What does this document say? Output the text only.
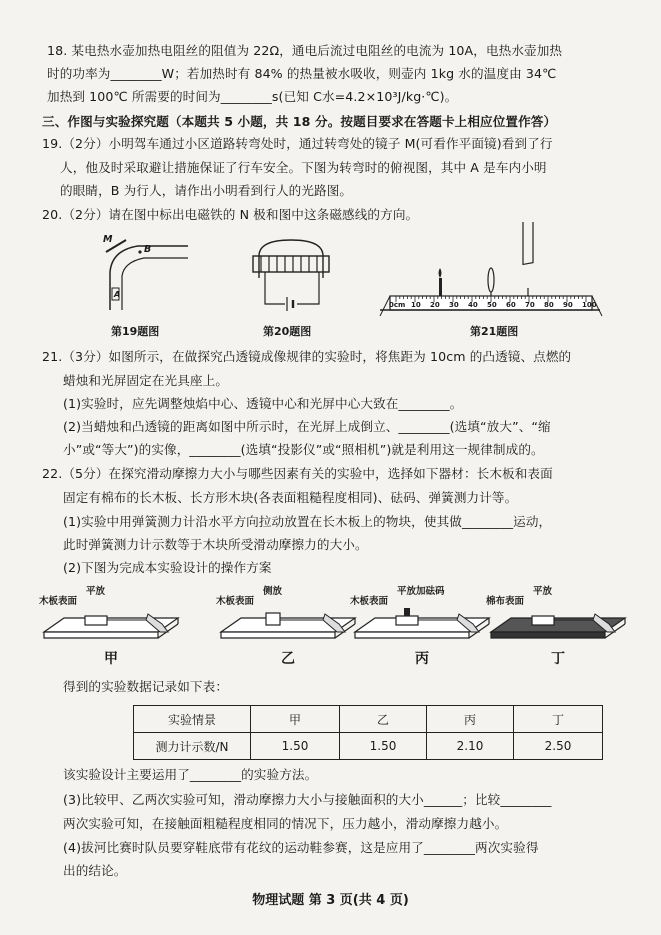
18. 某电热水壶加热电阻丝的阻值为 22Ω，通电后流过电阻丝的电流为 10A，电热水壶加热
时的功率为________W；若加热时有 84% 的热量被水吸收，则壶内 1kg 水的温度由 34℃
加热到 100℃ 所需要的时间为________s(已知 C水=4.2×10³J/kg·℃)。
三、作图与实验探究题（本题共 5 小题，共 18 分。按题目要求在答题卡上相应位置作答）
19.（2分）小明驾车通过小区道路转弯处时，通过转弯处的镜子 M(可看作平面镜)看到了行
人，他及时采取避让措施保证了行车安全。下图为转弯时的俯视图，其中 A 是车内小明
的眼睛，B 为行人，请作出小明看到行人的光路图。
20.（2分）请在图中标出电磁铁的 N 极和图中这条磁感线的方向。
21.（3分）如图所示，在做探究凸透镜成像规律的实验时，将焦距为 10cm 的凸透镜、点燃的
蜡烛和光屏固定在光具座上。
(1)实验时，应先调整烛焰中心、透镜中心和光屏中心大致在________。
(2)当蜡烛和凸透镜的距离如图中所示时，在光屏上成倒立、________(选填“放大”、“缩
小”或“等大”)的实像，________(选填“投影仪”或“照相机”)就是利用这一规律制成的。
22.（5分）在探究滑动摩擦力大小与哪些因素有关的实验中，选择如下器材：长木板和表面
固定有棉布的长木板、长方形木块(各表面粗糙程度相同)、砝码、弹簧测力计等。
(1)实验中用弹簧测力计沿水平方向拉动放置在长木板上的物块，使其做________运动，
此时弹簧测力计示数等于木块所受滑动摩擦力的大小。
(2)下图为完成本实验设计的操作方案
得到的实验数据记录如下表：
该实验设计主要运用了________的实验方法。
(3)比较甲、乙两次实验可知，滑动摩擦力大小与接触面积的大小______；比较________
两次实验可知，在接触面粗糙程度相同的情况下，压力越小，滑动摩擦力越小。
(4)拔河比赛时队员要穿鞋底带有花纹的运动鞋参赛，这是应用了________两次实验得
出的结论。
M
B
A
第19题图	第20题图
0cm 10 20 30 40 50 60 70 80 90 100
第21题图
木板表面
平放
甲
木板表面
侧放
乙
木板表面
平放加砝码
丙
棉布表面
平放
丁
实验情景	甲	乙	丙	丁
测力计示数/N	1.50	1.50	2.10	2.50
物理试题 第 3 页(共 4 页)
